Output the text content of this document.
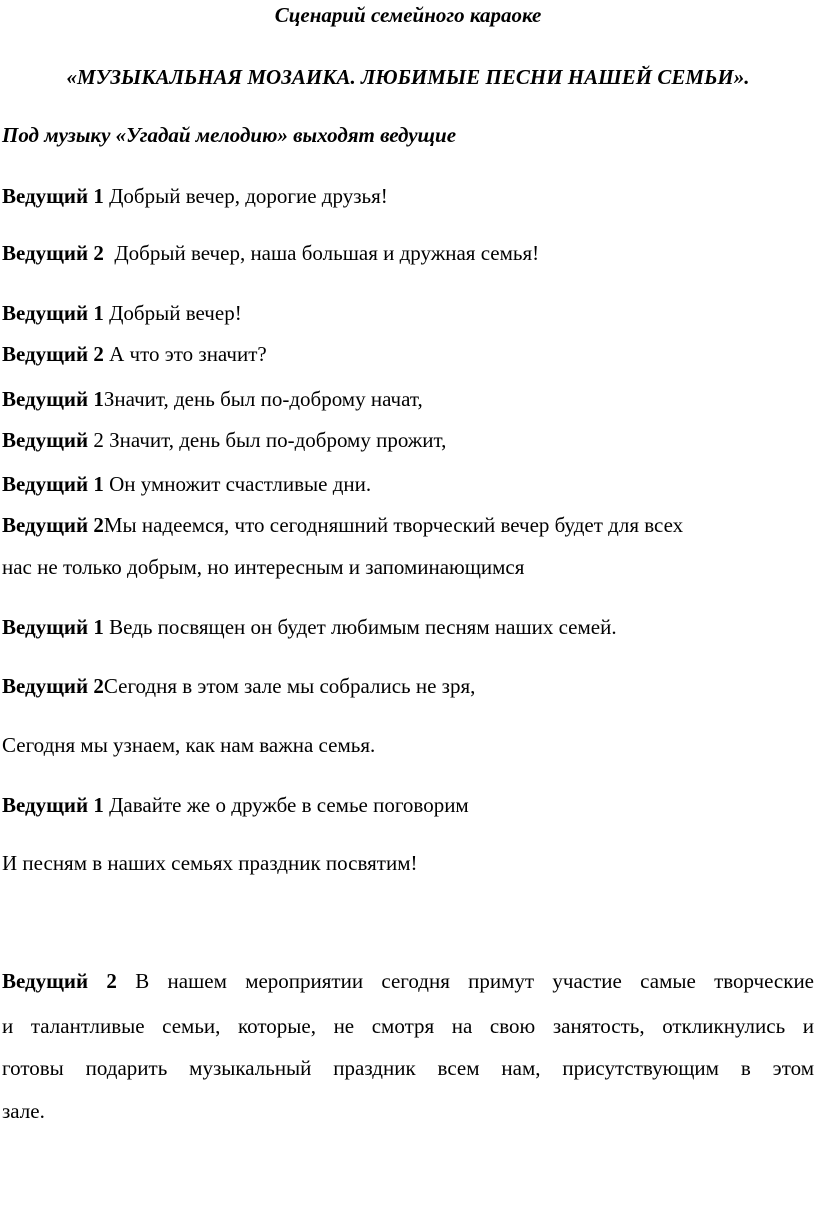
Сценарий семейного караоке
«МУЗЫКАЛЬНАЯ МОЗАИКА. ЛЮБИМЫЕ ПЕСНИ НАШЕЙ СЕМЬИ».
Под музыку «Угадай мелодию» выходят ведущие
Ведущий 1 Добрый вечер, дорогие друзья!
Ведущий 2  Добрый вечер, наша большая и дружная семья!
Ведущий 1 Добрый вечер!
Ведущий 2 А что это значит?
Ведущий 1Значит, день был по-доброму начат,
Ведущий 2 Значит, день был по-доброму прожит,
Ведущий 1 Он умножит счастливые дни.
Ведущий 2Мы надеемся, что сегодняшний творческий вечер будет для всех
нас не только добрым, но интересным и запоминающимся
Ведущий 1 Ведь посвящен он будет любимым песням наших семей.
Ведущий 2Сегодня в этом зале мы собрались не зря,
Сегодня мы узнаем, как нам важна семья.
Ведущий 1 Давайте же о дружбе в семье поговорим
И песням в наших семьях праздник посвятим!
Ведущий 2 В нашем мероприятии сегодня примут участие самые творческие
и талантливые семьи, которые, не смотря на свою занятость, откликнулись и
готовы подарить музыкальный праздник всем нам, присутствующим в этом
зале.
